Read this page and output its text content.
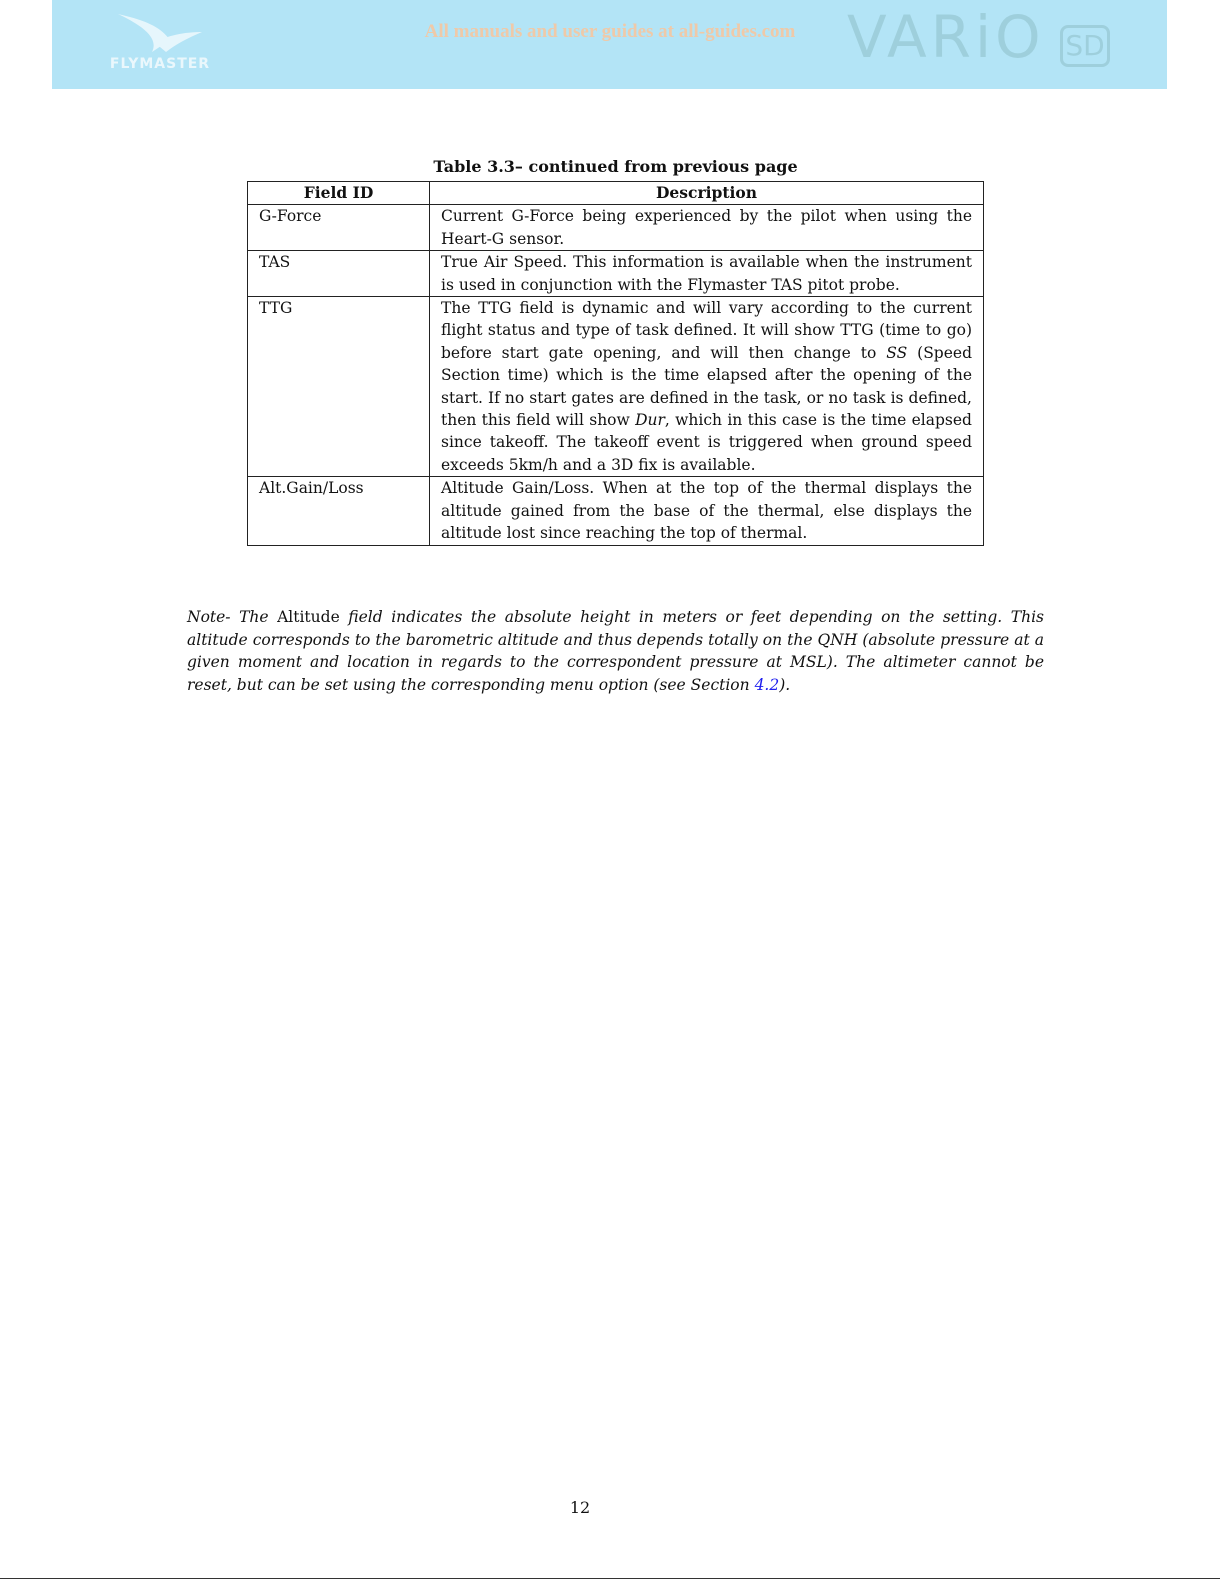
FLYMASTER
All manuals and user guides at all-guides.com VARiO SD
Table 3.3– continued from previous page
Field ID	Description
G-Force	Current G-Force being experienced by the pilot when using the Heart-G sensor.
TAS	True Air Speed. This information is available when the instrument is used in conjunction with the Flymaster TAS pitot probe.
TTG	The TTG field is dynamic and will vary according to the current flight status and type of task defined. It will show TTG (time to go) before start gate opening, and will then change to SS (Speed Section time) which is the time elapsed after the opening of the start. If no start gates are defined in the task, or no task is defined, then this field will show Dur, which in this case is the time elapsed since takeoff. The takeoff event is triggered when ground speed exceeds 5km/h and a 3D fix is available.
Alt.Gain/Loss	Altitude Gain/Loss. When at the top of the thermal displays the altitude gained from the base of the thermal, else displays the altitude lost since reaching the top of thermal.
Note- The Altitude field indicates the absolute height in meters or feet depending on the setting. This altitude corresponds to the barometric altitude and thus depends totally on the QNH (absolute pressure at a given moment and location in regards to the correspondent pressure at MSL). The altimeter cannot be reset, but can be set using the corresponding menu option (see Section 4.2).
12
